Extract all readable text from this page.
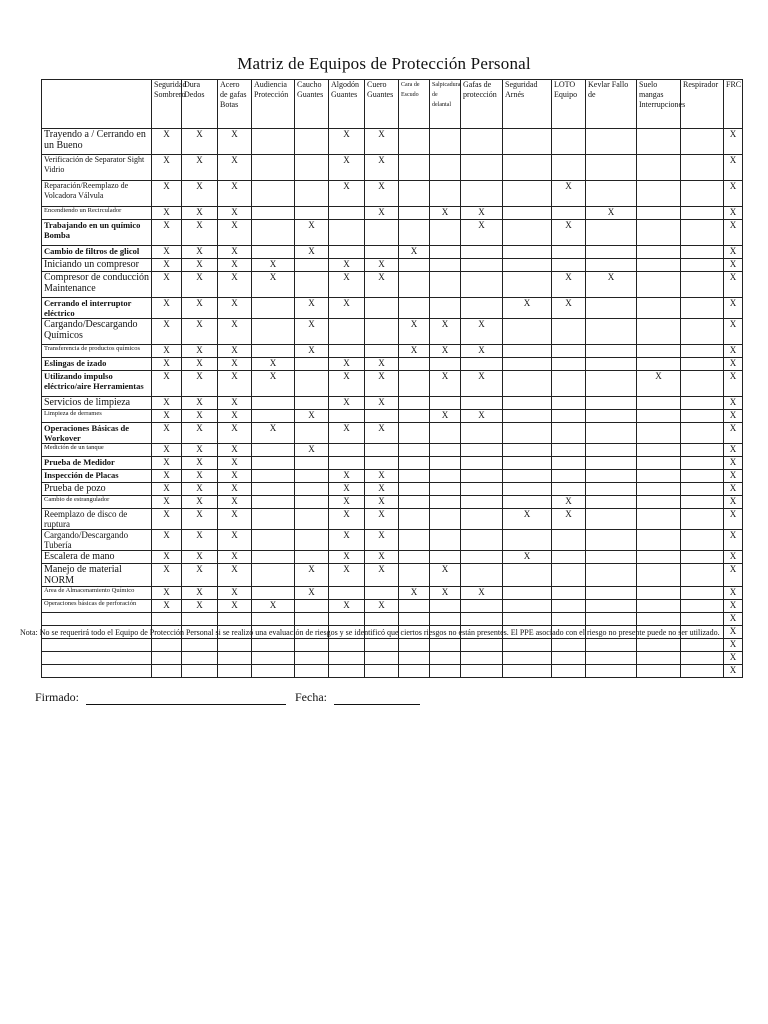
Matriz de Equipos de Protección Personal
	Seguridad Sombrero	Dura Dedos	Acero de gafas Botas	Audiencia Protección	Caucho Guantes	Algodón Guantes	Cuero Guantes	Cara de Escudo	Salpicadura de delantal	Gafas de protección	Seguridad Arnés	LOTO Equipo	Kevlar Fallo de	Suelo mangas Interrupciones	Respirador	FRC
Trayendo a / Cerrando en un Bueno	X	X	X			X	X									X
Verificación de Separator Sight Vidrio	X	X	X			X	X									X
Reparación/Reemplazo de Volcadora Válvula	X	X	X			X	X					X				X
Encendiendo un Recirculador	X	X	X				X		X	X			X			X
Trabajando en un químico Bomba	X	X	X		X					X		X				X
Cambio de filtros de glicol	X	X	X		X			X								X
Iniciando un compresor	X	X	X	X		X	X									X
Compresor de conducción Maintenance	X	X	X	X		X	X					X	X			X
Cerrando el interruptor eléctrico	X	X	X		X	X					X	X				X
Cargando/Descargando Químicos	X	X	X		X			X	X	X						X
Transferencia de productos químicos	X	X	X		X			X	X	X						X
Eslingas de izado	X	X	X	X		X	X									X
Utilizando impulso eléctrico/aire Herramientas	X	X	X	X		X	X		X	X				X		X
Servicios de limpieza	X	X	X			X	X									X
Limpieza de derrames	X	X	X		X				X	X						X
Operaciones Básicas de Workover	X	X	X	X		X	X									X
Medición de un tanque	X	X	X		X											X
Prueba de Medidor	X	X	X													X
Inspección de Placas	X	X	X			X	X									X
Prueba de pozo	X	X	X			X	X									X
Cambio de estrangulador	X	X	X			X	X					X				X
Reemplazo de disco de ruptura	X	X	X			X	X				X	X				X
Cargando/Descargando Tubería	X	X	X			X	X									X
Escalera de mano	X	X	X			X	X				X					X
Manejo de material NORM	X	X	X		X	X	X		X							X
Área de Almacenamiento Químico	X	X	X		X			X	X	X						X
Operaciones básicas de perforación	X	X	X	X		X	X									X
																X
																X
																X
																X
																X
Nota: No se requerirá todo el Equipo de Protección Personal si se realizó una evaluación de riesgos y se identificó que ciertos riesgos no están presentes. El PPE asociado con el riesgo no presente puede no ser utilizado.
Firmado:	Fecha:
